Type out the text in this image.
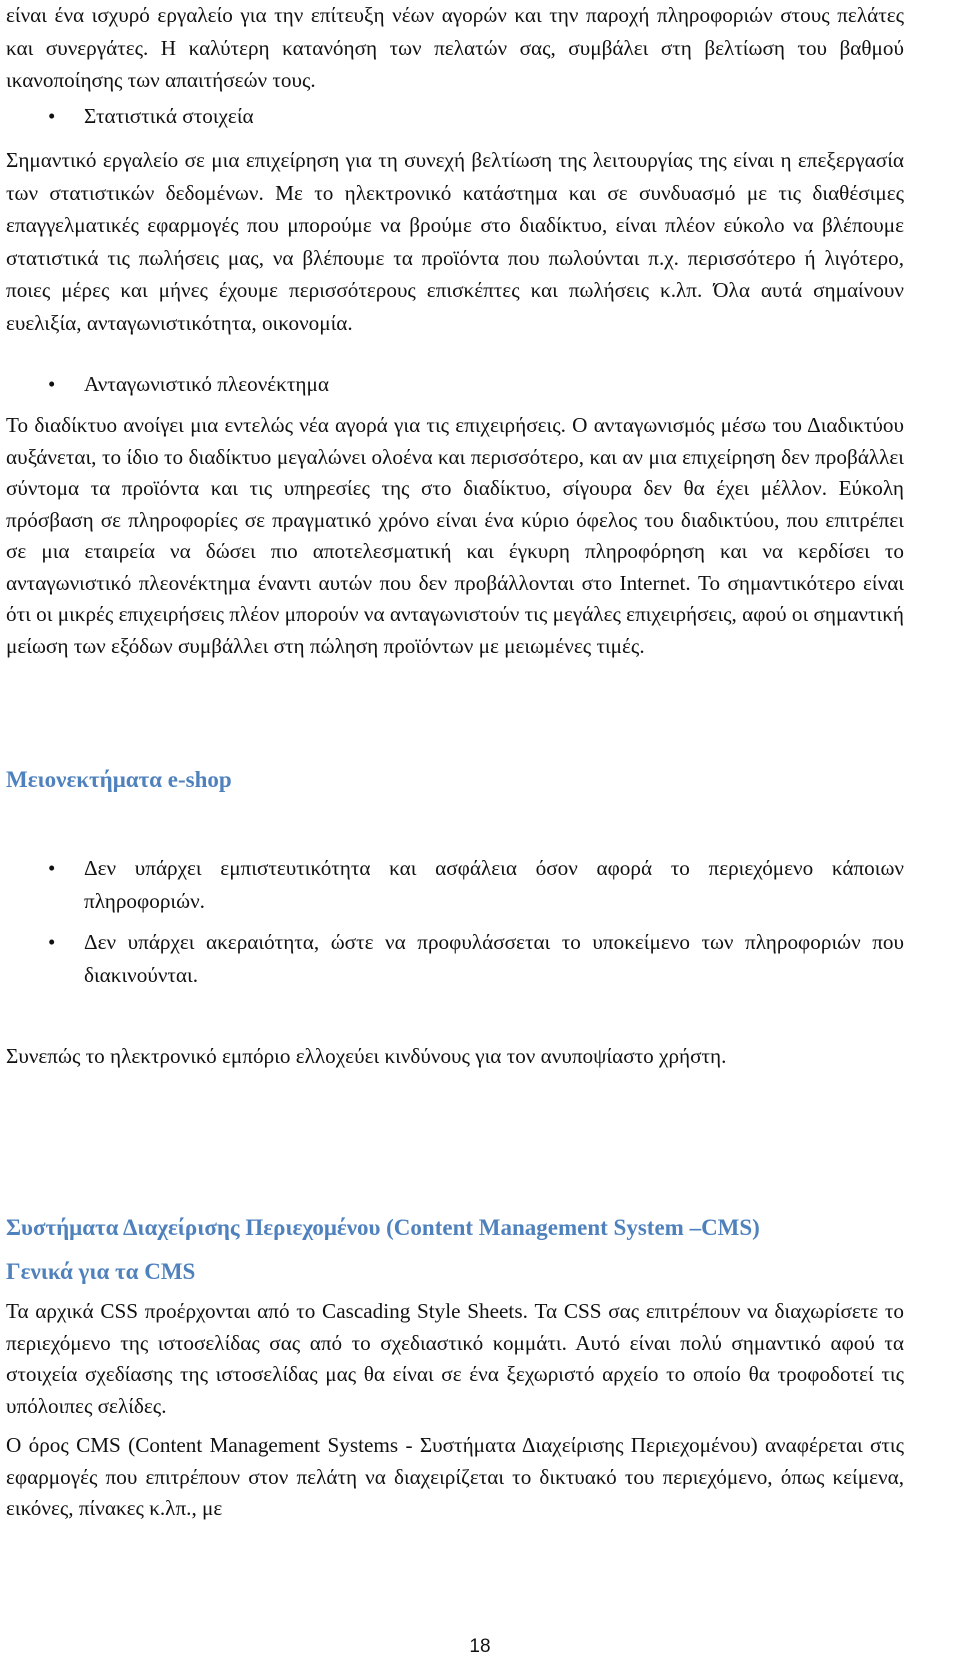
είναι ένα ισχυρό εργαλείο για την επίτευξη νέων αγορών και την παροχή πληροφοριών στους πελάτες και συνεργάτες. Η καλύτερη κατανόηση των πελατών σας, συμβάλει στη βελτίωση του βαθμού ικανοποίησης των απαιτήσεών τους.

• Στατιστικά στοιχεία

Σημαντικό εργαλείο σε μια επιχείρηση για τη συνεχή βελτίωση της λειτουργίας της είναι η επεξεργασία των στατιστικών δεδομένων. Με το ηλεκτρονικό κατάστημα και σε συνδυασμό με τις διαθέσιμες επαγγελματικές εφαρμογές που μπορούμε να βρούμε στο διαδίκτυο, είναι πλέον εύκολο να βλέπουμε στατιστικά τις πωλήσεις μας, να βλέπουμε τα προϊόντα που πωλούνται π.χ. περισσότερο ή λιγότερο, ποιες μέρες και μήνες έχουμε περισσότερους επισκέπτες και πωλήσεις κ.λπ. Όλα αυτά σημαίνουν ευελιξία, ανταγωνιστικότητα, οικονομία.

• Ανταγωνιστικό πλεονέκτημα

Το διαδίκτυο ανοίγει μια εντελώς νέα αγορά για τις επιχειρήσεις. Ο ανταγωνισμός μέσω του Διαδικτύου αυξάνεται, το ίδιο το διαδίκτυο μεγαλώνει ολοένα και περισσότερο, και αν μια επιχείρηση δεν προβάλλει σύντομα τα προϊόντα και τις υπηρεσίες της στο διαδίκτυο, σίγουρα δεν θα έχει μέλλον. Εύκολη πρόσβαση σε πληροφορίες σε πραγματικό χρόνο είναι ένα κύριο όφελος του διαδικτύου, που επιτρέπει σε μια εταιρεία να δώσει πιο αποτελεσματική και έγκυρη πληροφόρηση και να κερδίσει το ανταγωνιστικό πλεονέκτημα έναντι αυτών που δεν προβάλλονται στο Internet. Το σημαντικότερο είναι ότι οι μικρές επιχειρήσεις πλέον μπορούν να ανταγωνιστούν τις μεγάλες επιχειρήσεις, αφού οι σημαντική μείωση των εξόδων συμβάλλει στη πώληση προϊόντων με μειωμένες τιμές.

Μειονεκτήματα e-shop
• Δεν υπάρχει εμπιστευτικότητα και ασφάλεια όσον αφορά το περιεχόμενο κάποιων πληροφοριών.
• Δεν υπάρχει ακεραιότητα, ώστε να προφυλάσσεται το υποκείμενο των πληροφοριών που διακινούνται.

Συνεπώς το ηλεκτρονικό εμπόριο ελλοχεύει κινδύνους για τον ανυποψίαστο χρήστη.

Συστήματα Διαχείρισης Περιεχομένου (Content Management System –CMS)
Γενικά για τα CMS

Τα αρχικά CSS προέρχονται από το Cascading Style Sheets. Τα CSS σας επιτρέπουν να διαχωρίσετε το περιεχόμενο της ιστοσελίδας σας από το σχεδιαστικό κομμάτι. Αυτό είναι πολύ σημαντικό αφού τα στοιχεία σχεδίασης της ιστοσελίδας μας θα είναι σε ένα ξεχωριστό αρχείο το οποίο θα τροφοδοτεί τις υπόλοιπες σελίδες.

Ο όρος CMS (Content Management Systems - Συστήματα Διαχείρισης Περιεχομένου) αναφέρεται στις εφαρμογές που επιτρέπουν στον πελάτη να διαχειρίζεται το δικτυακό του περιεχόμενο, όπως κείμενα, εικόνες, πίνακες κ.λπ., με

18
